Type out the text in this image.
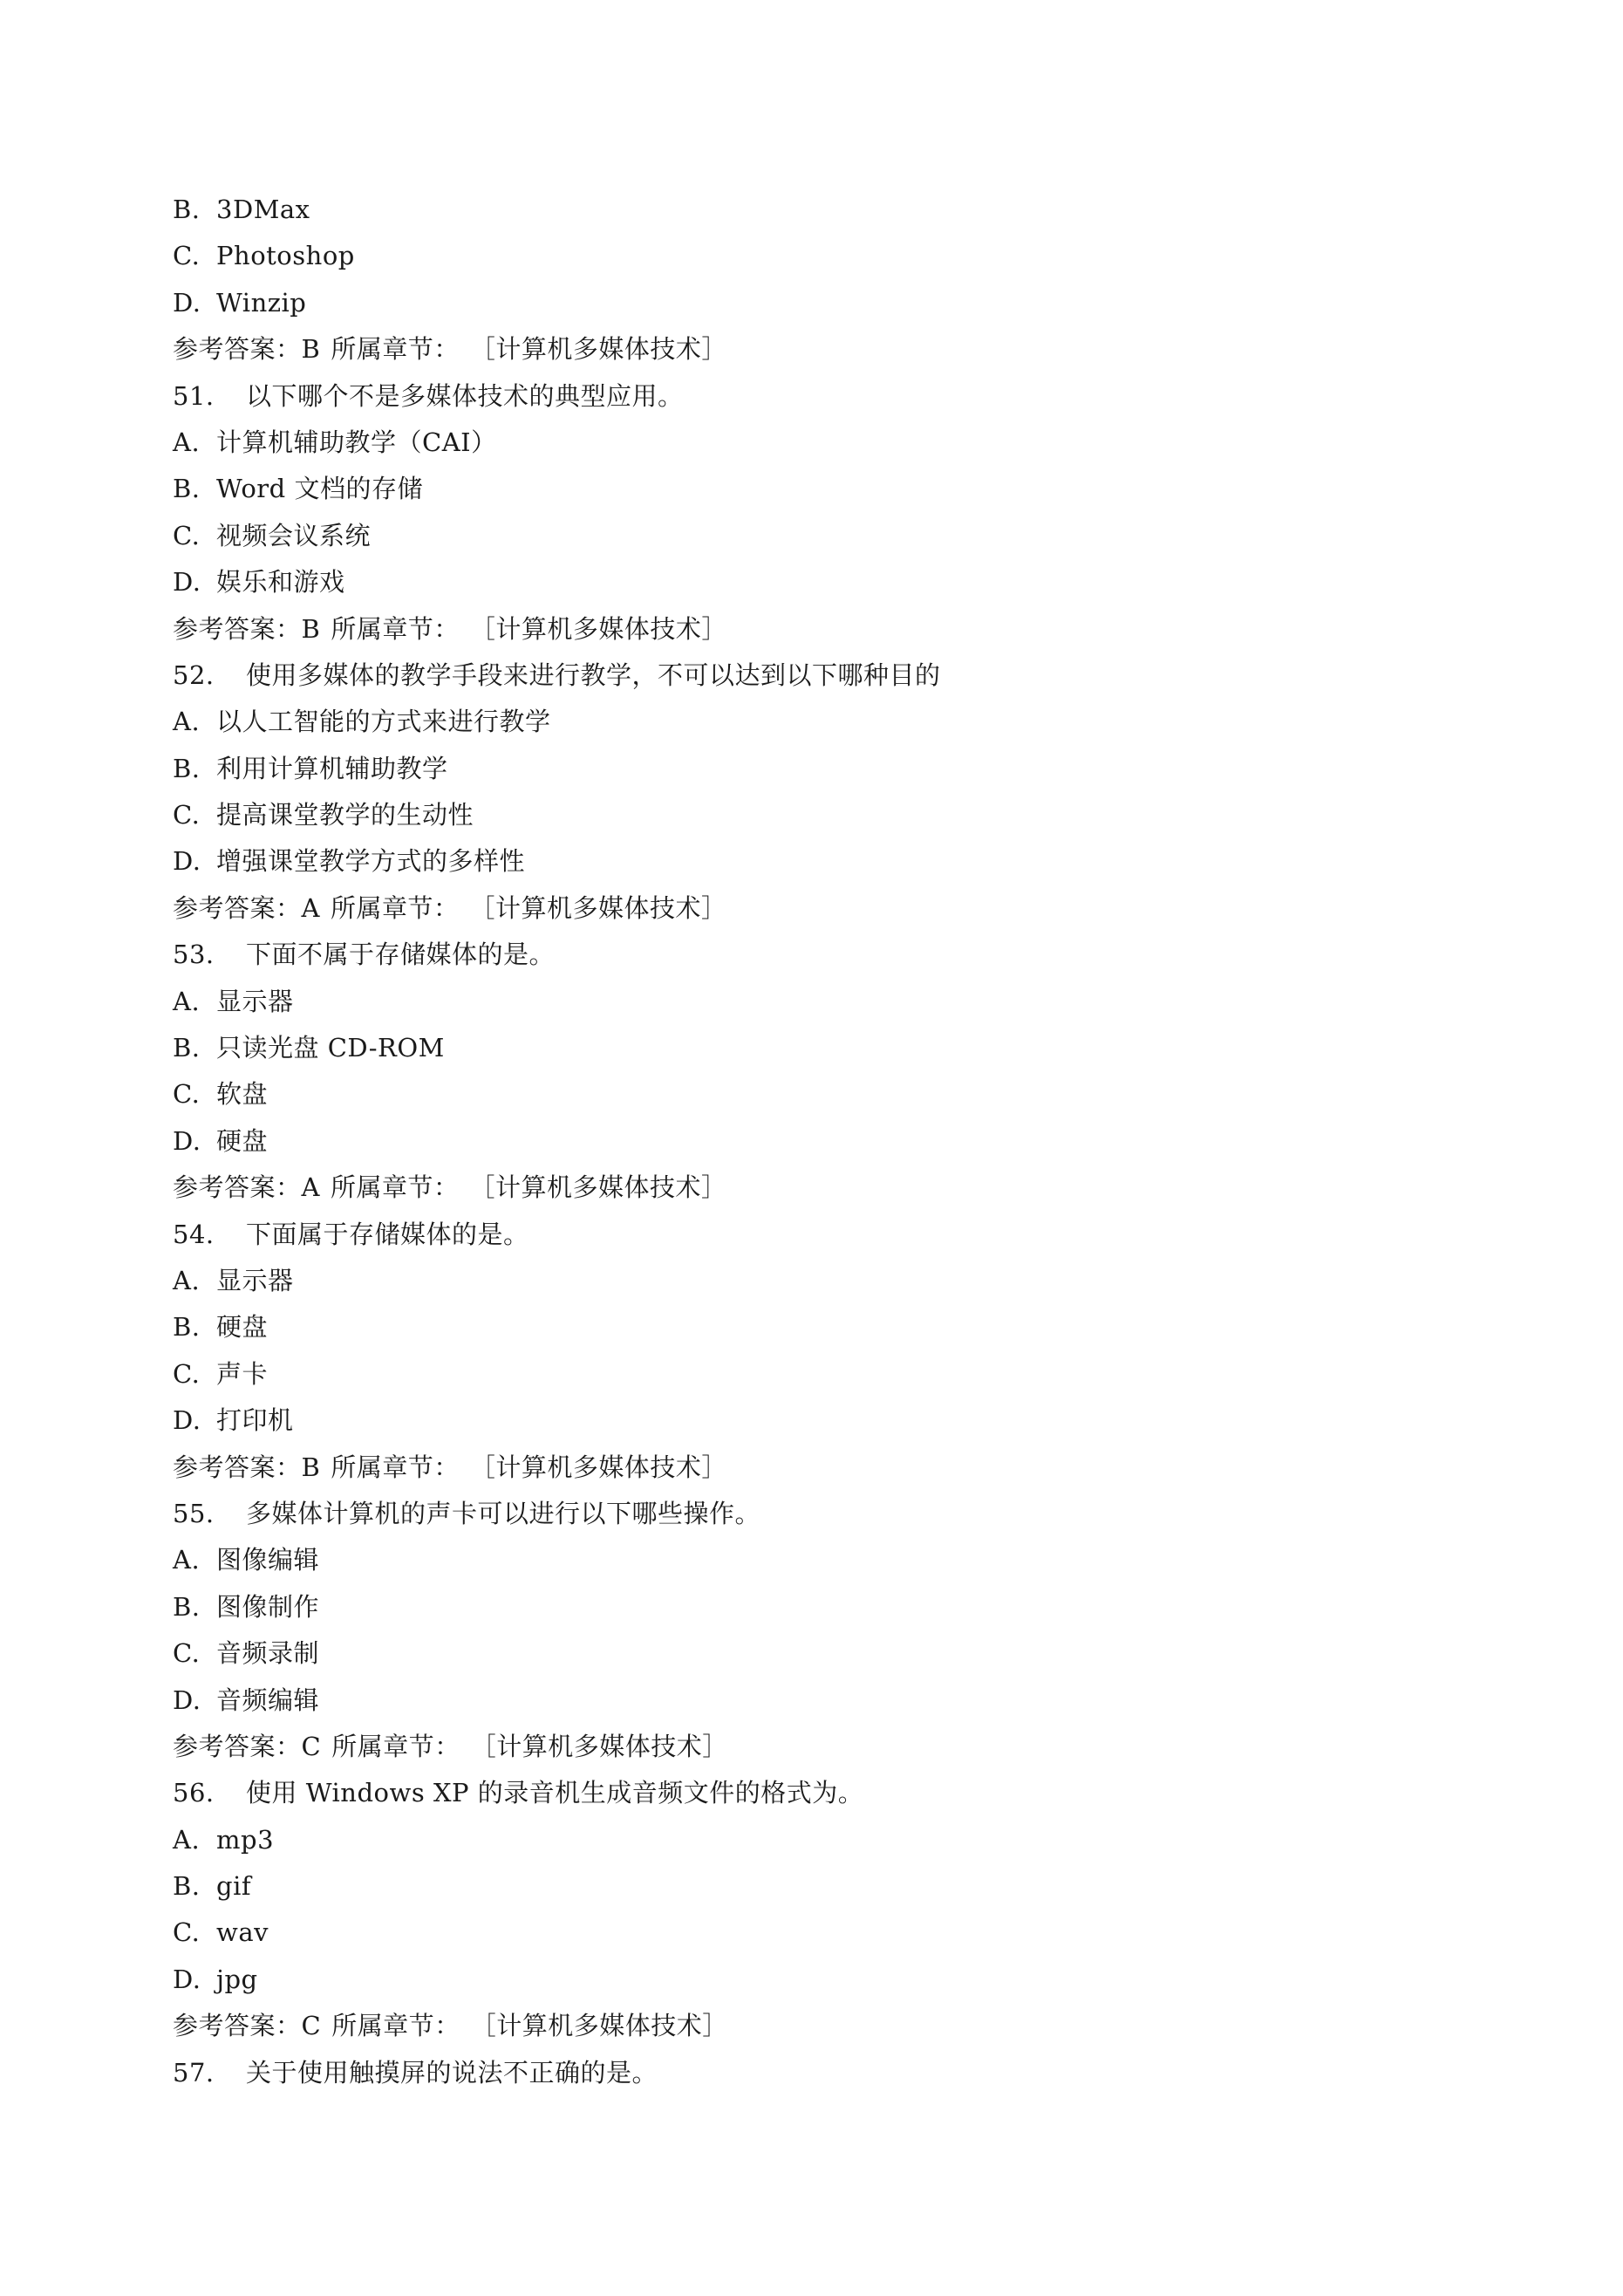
B. 3DMax
C. Photoshop
D. Winzip
参考答案：B 所属章节： ［计算机多媒体技术］
51. 以下哪个不是多媒体技术的典型应用。
A. 计算机辅助教学（CAI）
B. Word 文档的存储
C. 视频会议系统
D. 娱乐和游戏
参考答案：B 所属章节： ［计算机多媒体技术］
52. 使用多媒体的教学手段来进行教学，不可以达到以下哪种目的
A. 以人工智能的方式来进行教学
B. 利用计算机辅助教学
C. 提高课堂教学的生动性
D. 增强课堂教学方式的多样性
参考答案：A 所属章节： ［计算机多媒体技术］
53. 下面不属于存储媒体的是。
A. 显示器
B. 只读光盘 CD-ROM
C. 软盘
D. 硬盘
参考答案：A 所属章节： ［计算机多媒体技术］
54. 下面属于存储媒体的是。
A. 显示器
B. 硬盘
C. 声卡
D. 打印机
参考答案：B 所属章节： ［计算机多媒体技术］
55. 多媒体计算机的声卡可以进行以下哪些操作。
A. 图像编辑
B. 图像制作
C. 音频录制
D. 音频编辑
参考答案：C 所属章节： ［计算机多媒体技术］
56. 使用 Windows XP 的录音机生成音频文件的格式为。
A. mp3
B. gif
C. wav
D. jpg
参考答案：C 所属章节： ［计算机多媒体技术］
57. 关于使用触摸屏的说法不正确的是。
